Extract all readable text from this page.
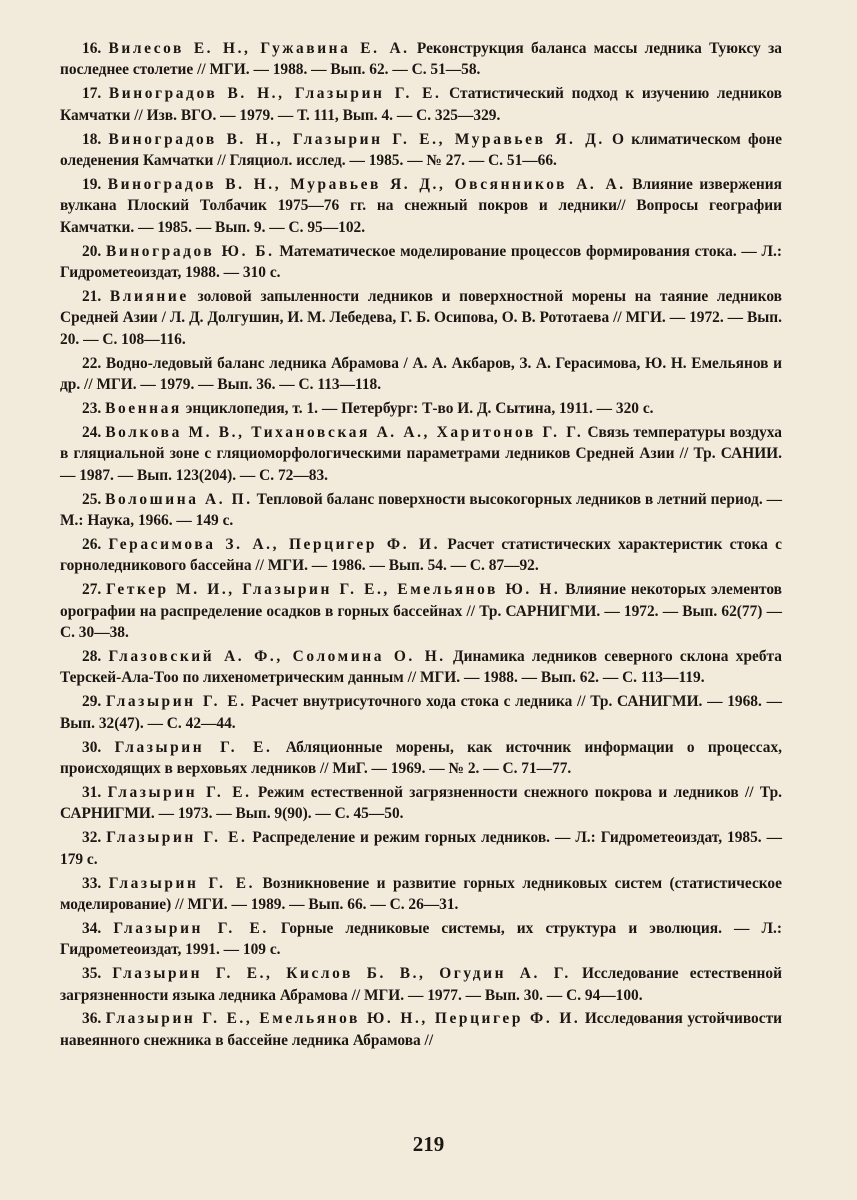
16. Вилесов Е. Н., Гужавина Е. А. Реконструкция баланса массы ледника Туюксу за последнее столетие // МГИ. — 1988. — Вып. 62. — С. 51—58.

17. Виноградов В. Н., Глазырин Г. Е. Статистический подход к изучению ледников Камчатки // Изв. ВГО. — 1979. — Т. 111, Вып. 4. — С. 325—329.

18. Виноградов В. Н., Глазырин Г. Е., Муравьев Я. Д. О климатическом фоне оледенения Камчатки // Гляциол. исслед. — 1985. — № 27. — С. 51—66.

19. Виноградов В. Н., Муравьев Я. Д., Овсянников А. А. Влияние извержения вулкана Плоский Толбачик 1975—76 гг. на снежный покров и ледники// Вопросы географии Камчатки. — 1985. — Вып. 9. — С. 95—102.

20. Виноградов Ю. Б. Математическое моделирование процессов формирования стока. — Л.: Гидрометеоиздат, 1988. — 310 с.

21. Влияние золовой запыленности ледников и поверхностной морены на таяние ледников Средней Азии / Л. Д. Долгушин, И. М. Лебедева, Г. Б. Осипова, О. В. Рототаева // МГИ. — 1972. — Вып. 20. — С. 108—116.

22. Водно-ледовый баланс ледника Абрамова / А. А. Акбаров, З. А. Герасимова, Ю. Н. Емельянов и др. // МГИ. — 1979. — Вып. 36. — С. 113—118.

23. Военная энциклопедия, т. 1. — Петербург: Т-во И. Д. Сытина, 1911. — 320 с.

24. Волкова М. В., Тихановская А. А., Харитонов Г. Г. Связь температуры воздуха в гляциальной зоне с гляциоморфологическими параметрами ледников Средней Азии // Тр. САНИИ. — 1987. — Вып. 123(204). — С. 72—83.

25. Волошина А. П. Тепловой баланс поверхности высокогорных ледников в летний период. — М.: Наука, 1966. — 149 с.

26. Герасимова З. А., Перцигер Ф. И. Расчет статистических характеристик стока с горноледникового бассейна // МГИ. — 1986. — Вып. 54. — С. 87—92.

27. Геткер М. И., Глазырин Г. Е., Емельянов Ю. Н. Влияние некоторых элементов орографии на распределение осадков в горных бассейнах // Тр. САРНИГМИ. — 1972. — Вып. 62(77) — С. 30—38.

28. Глазовский А. Ф., Соломина О. Н. Динамика ледников северного склона хребта Терскей-Ала-Тоо по лихенометрическим данным // МГИ. — 1988. — Вып. 62. — С. 113—119.

29. Глазырин Г. Е. Расчет внутрисуточного хода стока с ледника // Тр. САНИГМИ. — 1968. — Вып. 32(47). — С. 42—44.

30. Глазырин Г. Е. Абляционные морены, как источник информации о процессах, происходящих в верховьях ледников // МиГ. — 1969. — № 2. — С. 71—77.

31. Глазырин Г. Е. Режим естественной загрязненности снежного покрова и ледников // Тр. САРНИГМИ. — 1973. — Вып. 9(90). — С. 45—50.

32. Глазырин Г. Е. Распределение и режим горных ледников. — Л.: Гидрометеоиздат, 1985. — 179 с.

33. Глазырин Г. Е. Возникновение и развитие горных ледниковых систем (статистическое моделирование) // МГИ. — 1989. — Вып. 66. — С. 26—31.

34. Глазырин Г. Е. Горные ледниковые системы, их структура и эволюция. — Л.: Гидрометеоиздат, 1991. — 109 с.

35. Глазырин Г. Е., Кислов Б. В., Огудин А. Г. Исследование естественной загрязненности языка ледника Абрамова // МГИ. — 1977. — Вып. 30. — С. 94—100.

36. Глазырин Г. Е., Емельянов Ю. Н., Перцигер Ф. И. Исследования устойчивости навеянного снежника в бассейне ледника Абрамова //

219
